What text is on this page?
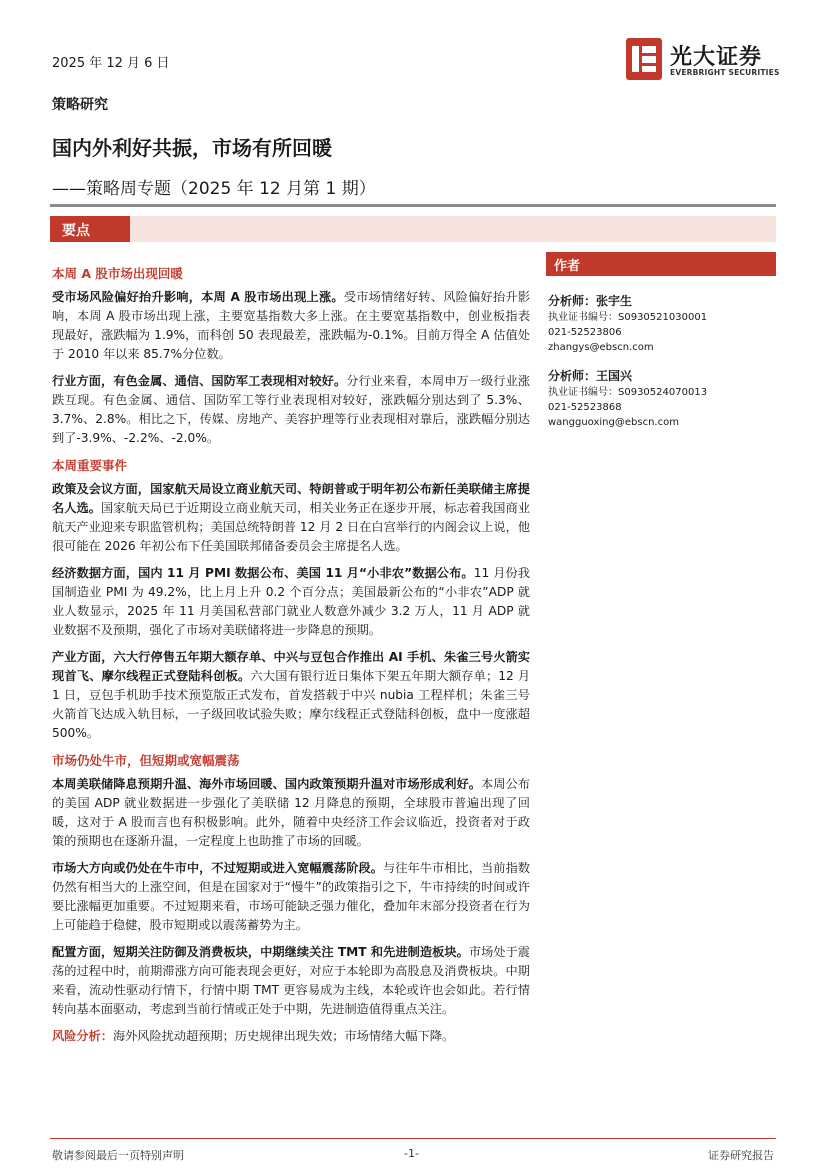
2025 年 12 月 6 日	光大证券
EVERBRIGHT SECURITIES
策略研究
国内外利好共振，市场有所回暖
——策略周专题（2025 年 12 月第 1 期）
要点
本周 A 股市场出现回暖

受市场风险偏好抬升影响，本周 A 股市场出现上涨。受市场情绪好转、风险偏好抬升影响，本周 A 股市场出现上涨，主要宽基指数大多上涨。在主要宽基指数中，创业板指表现最好，涨跌幅为 1.9%，而科创 50 表现最差，涨跌幅为-0.1%。目前万得全 A 估值处于 2010 年以来 85.7%分位数。

行业方面，有色金属、通信、国防军工表现相对较好。分行业来看，本周申万一级行业涨跌互现。有色金属、通信、国防军工等行业表现相对较好，涨跌幅分别达到了 5.3%、3.7%、2.8%。相比之下，传媒、房地产、美容护理等行业表现相对靠后，涨跌幅分别达到了-3.9%、-2.2%、-2.0%。

本周重要事件

政策及会议方面，国家航天局设立商业航天司、特朗普或于明年初公布新任美联储主席提名人选。国家航天局已于近期设立商业航天司，相关业务正在逐步开展，标志着我国商业航天产业迎来专职监管机构；美国总统特朗普 12 月 2 日在白宫举行的内阁会议上说，他很可能在 2026 年初公布下任美国联邦储备委员会主席提名人选。

经济数据方面，国内 11 月 PMI 数据公布、美国 11 月“小非农”数据公布。11 月份我国制造业 PMI 为 49.2%，比上月上升 0.2 个百分点；美国最新公布的“小非农”ADP 就业人数显示，2025 年 11 月美国私营部门就业人数意外减少 3.2 万人，11 月 ADP 就业数据不及预期，强化了市场对美联储将进一步降息的预期。

产业方面，六大行停售五年期大额存单、中兴与豆包合作推出 AI 手机、朱雀三号火箭实现首飞、摩尔线程正式登陆科创板。六大国有银行近日集体下架五年期大额存单；12 月 1 日，豆包手机助手技术预览版正式发布，首发搭载于中兴 nubia 工程样机；朱雀三号火箭首飞达成入轨目标，一子级回收试验失败；摩尔线程正式登陆科创板，盘中一度涨超 500%。

市场仍处牛市，但短期或宽幅震荡

本周美联储降息预期升温、海外市场回暖、国内政策预期升温对市场形成利好。本周公布的美国 ADP 就业数据进一步强化了美联储 12 月降息的预期，全球股市普遍出现了回暖，这对于 A 股而言也有积极影响。此外，随着中央经济工作会议临近，投资者对于政策的预期也在逐渐升温，一定程度上也助推了市场的回暖。

市场大方向或仍处在牛市中，不过短期或进入宽幅震荡阶段。与往年牛市相比，当前指数仍然有相当大的上涨空间，但是在国家对于“慢牛”的政策指引之下，牛市持续的时间或许要比涨幅更加重要。不过短期来看，市场可能缺乏强力催化，叠加年末部分投资者在行为上可能趋于稳健，股市短期或以震荡蓄势为主。

配置方面，短期关注防御及消费板块，中期继续关注 TMT 和先进制造板块。市场处于震荡的过程中时，前期滞涨方向可能表现会更好，对应于本轮即为高股息及消费板块。中期来看，流动性驱动行情下，行情中期 TMT 更容易成为主线，本轮或许也会如此。若行情转向基本面驱动，考虑到当前行情或正处于中期，先进制造值得重点关注。

风险分析：海外风险扰动超预期；历史规律出现失效；市场情绪大幅下降。

作者
分析师：张宇生
执业证书编号：S0930521030001
021-52523806
zhangys@ebscn.com
分析师：王国兴
执业证书编号：S0930524070013
021-52523868
wangguoxing@ebscn.com
敬请参阅最后一页特别声明	-1-	证券研究报告
